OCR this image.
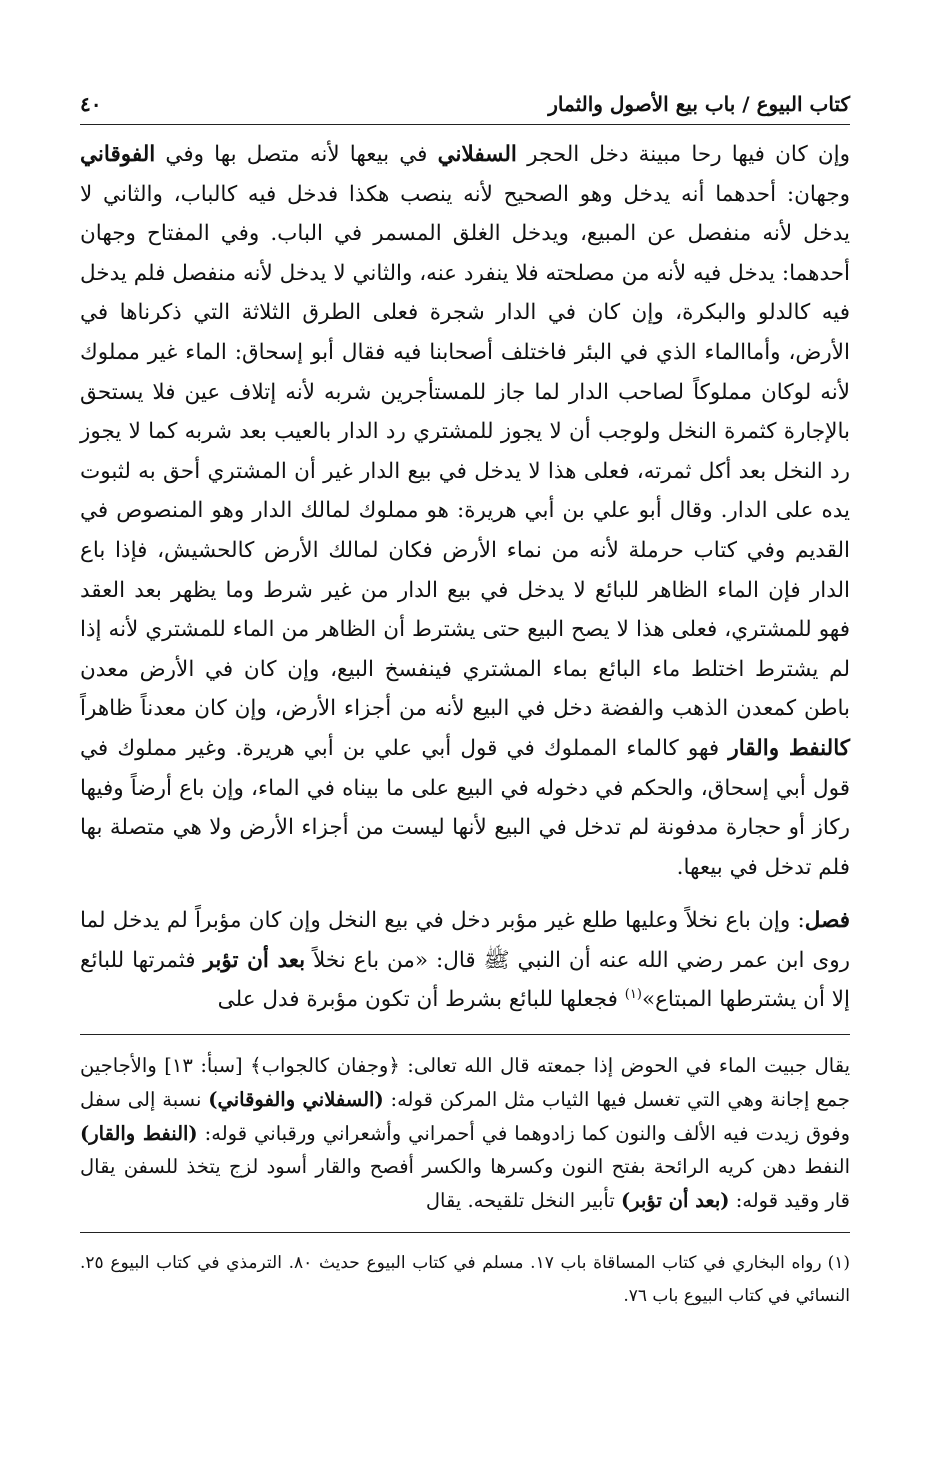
كتاب البيوع / باب بيع الأصول والثمار
٤٠

وإن كان فيها رحا مبينة دخل الحجر السفلاني في بيعها لأنه متصل بها وفي الفوقاني وجهان: أحدهما أنه يدخل وهو الصحيح لأنه ينصب هكذا فدخل فيه كالباب، والثاني لا يدخل لأنه منفصل عن المبيع، ويدخل الغلق المسمر في الباب. وفي المفتاح وجهان أحدهما: يدخل فيه لأنه من مصلحته فلا ينفرد عنه، والثاني لا يدخل لأنه منفصل فلم يدخل فيه كالدلو والبكرة، وإن كان في الدار شجرة فعلى الطرق الثلاثة التي ذكرناها في الأرض، وأماالماء الذي في البئر فاختلف أصحابنا فيه فقال أبو إسحاق: الماء غير مملوك لأنه لوكان مملوكاً لصاحب الدار لما جاز للمستأجرين شربه لأنه إتلاف عين فلا يستحق بالإجارة كثمرة النخل ولوجب أن لا يجوز للمشتري رد الدار بالعيب بعد شربه كما لا يجوز رد النخل بعد أكل ثمرته، فعلى هذا لا يدخل في بيع الدار غير أن المشتري أحق به لثبوت يده على الدار. وقال أبو علي بن أبي هريرة: هو مملوك لمالك الدار وهو المنصوص في القديم وفي كتاب حرملة لأنه من نماء الأرض فكان لمالك الأرض كالحشيش، فإذا باع الدار فإن الماء الظاهر للبائع لا يدخل في بيع الدار من غير شرط وما يظهر بعد العقد فهو للمشتري، فعلى هذا لا يصح البيع حتى يشترط أن الظاهر من الماء للمشتري لأنه إذا لم يشترط اختلط ماء البائع بماء المشتري فينفسخ البيع، وإن كان في الأرض معدن باطن كمعدن الذهب والفضة دخل في البيع لأنه من أجزاء الأرض، وإن كان معدناً ظاهراً كالنفط والقار فهو كالماء المملوك في قول أبي علي بن أبي هريرة. وغير مملوك في قول أبي إسحاق، والحكم في دخوله في البيع على ما بيناه في الماء، وإن باع أرضاً وفيها ركاز أو حجارة مدفونة لم تدخل في البيع لأنها ليست من أجزاء الأرض ولا هي متصلة بها فلم تدخل في بيعها.

فصل: وإن باع نخلاً وعليها طلع غير مؤبر دخل في بيع النخل وإن كان مؤبراً لم يدخل لما روى ابن عمر رضي الله عنه أن النبي ﷺ قال: «من باع نخلاً بعد أن تؤبر فثمرتها للبائع إلا أن يشترطها المبتاع»$^{(١)}$ فجعلها للبائع بشرط أن تكون مؤبرة فدل على

يقال جبيت الماء في الحوض إذا جمعته قال الله تعالى: ﴿وجفان كالجواب﴾ [سبأ: ١٣] والأجاجين جمع إجانة وهي التي تغسل فيها الثياب مثل المركن قوله: (السفلاني والفوقاني) نسبة إلى سفل وفوق زيدت فيه الألف والنون كما زادوهما في أحمراني وأشعراني ورقباني قوله: (النفط والقار) النفط دهن كريه الرائحة بفتح النون وكسرها والكسر أفصح والقار أسود لزج يتخذ للسفن يقال قار وقيد قوله: (بعد أن تؤبر) تأبير النخل تلقيحه. يقال

(١)رواه البخاري في كتاب المساقاة باب ١٧. مسلم في كتاب البيوع حديث ٨٠. الترمذي في كتاب البيوع ٢٥. النسائي في كتاب البيوع باب ٧٦.
